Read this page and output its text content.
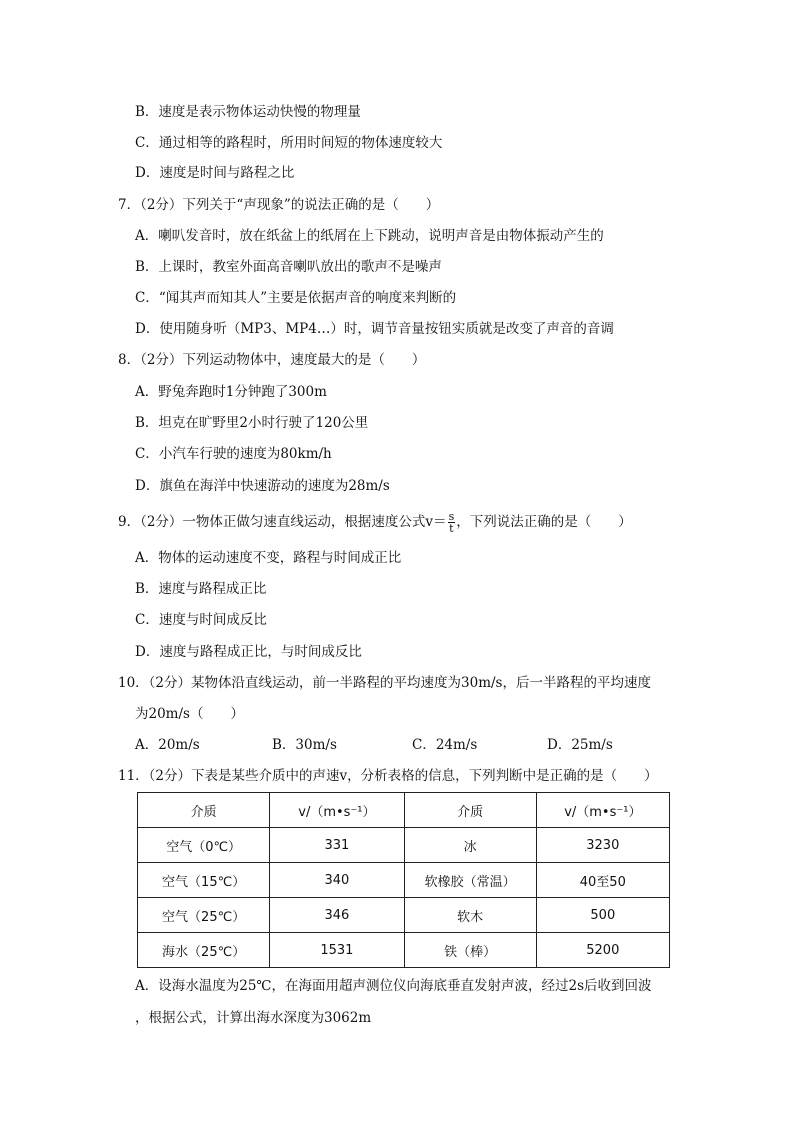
B．速度是表示物体运动快慢的物理量
C．通过相等的路程时，所用时间短的物体速度较大
D．速度是时间与路程之比
7．（2分）下列关于“声现象”的说法正确的是（　　）
A．喇叭发音时，放在纸盆上的纸屑在上下跳动，说明声音是由物体振动产生的
B．上课时，教室外面高音喇叭放出的歌声不是噪声
C．“闻其声而知其人”主要是依据声音的响度来判断的
D．使用随身听（MP3、MP4…）时，调节音量按钮实质就是改变了声音的音调
8．（2分）下列运动物体中，速度最大的是（　　）
A．野兔奔跑时1分钟跑了300m
B．坦克在旷野里2小时行驶了120公里
C．小汽车行驶的速度为80km/h
D．旗鱼在海洋中快速游动的速度为28m/s
9．（2分）一物体正做匀速直线运动，根据速度公式$v= \frac{s}{t}$ ，下列说法正确的是（　　）
A．物体的运动速度不变，路程与时间成正比
B．速度与路程成正比
C．速度与时间成反比
D．速度与路程成正比，与时间成反比
10．（2分）某物体沿直线运动，前一半路程的平均速度为30m/s，后一半路程的平均速度
为20m/s（　　）
A．20m/s	B．30m/s	C．24m/s	D．25m/s
11．（2分）下表是某些介质中的声速v，分析表格的信息，下列判断中是正确的是（　　）
介质	v/（m•s⁻¹）	介质	v/（m•s⁻¹）
空气（0℃）	331	冰	3230
空气（15℃）	340	软橡胶（常温）	40至50
空气（25℃）	346	软木	500
海水（25℃）	1531	铁（棒）	5200
A．设海水温度为25℃，在海面用超声测位仪向海底垂直发射声波，经过2s后收到回波
，根据公式，计算出海水深度为3062m
